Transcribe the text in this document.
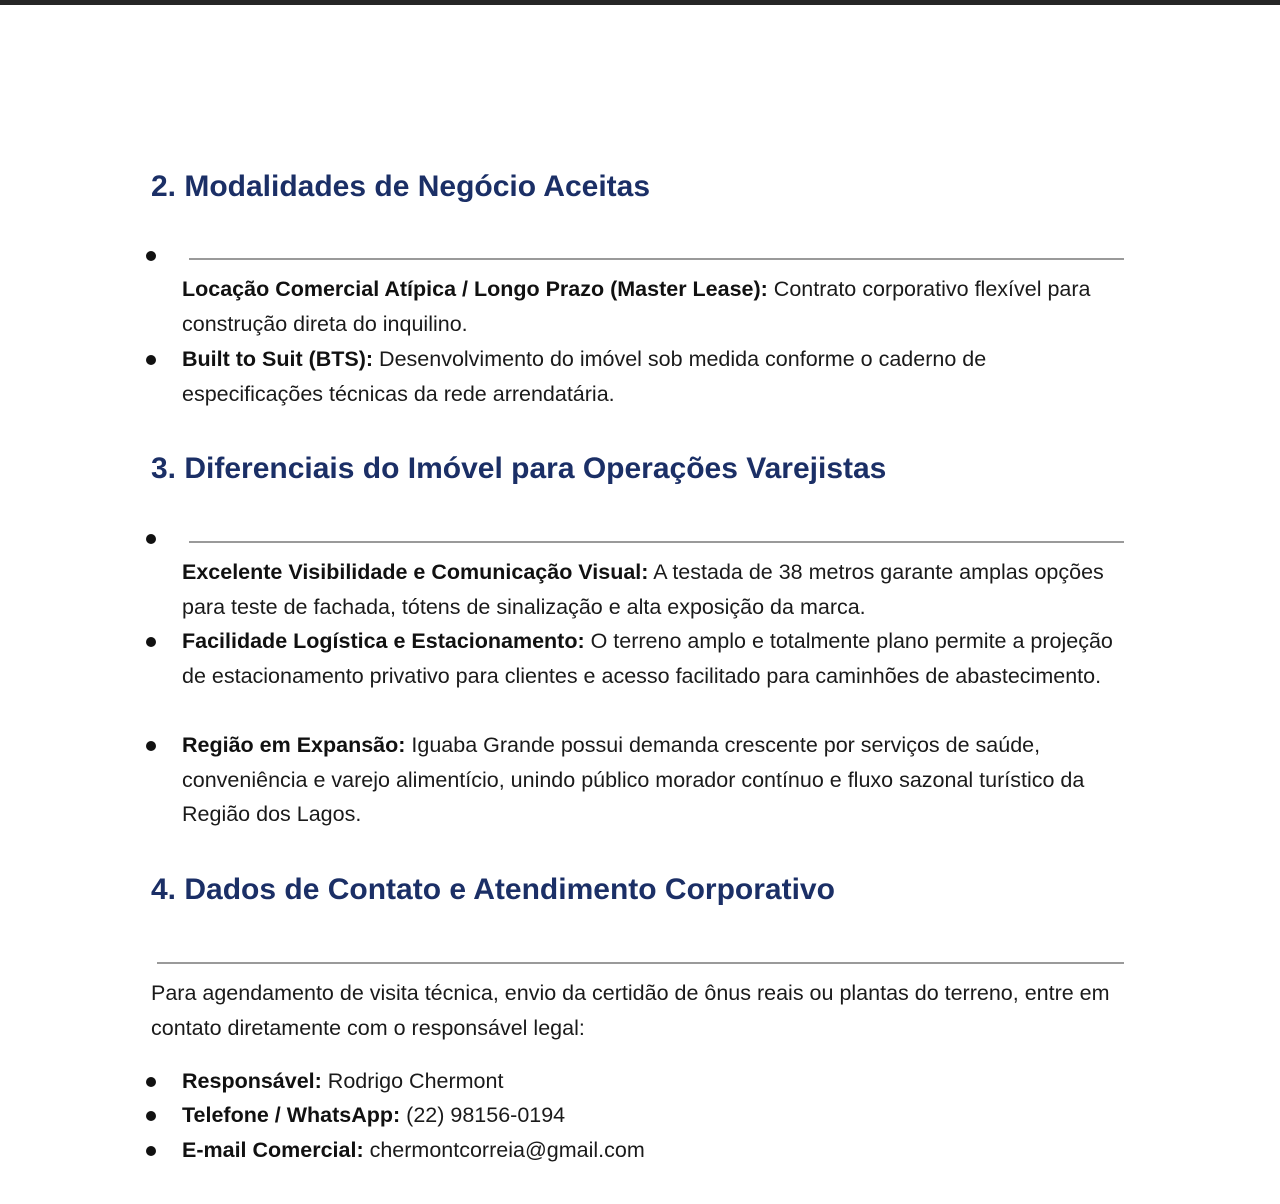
2. Modalidades de Negócio Aceitas

Locação Comercial Atípica / Longo Prazo (Master Lease): Contrato corporativo flexível para construção direta do inquilino.

Built to Suit (BTS): Desenvolvimento do imóvel sob medida conforme o caderno de especificações técnicas da rede arrendatária.

3. Diferenciais do Imóvel para Operações Varejistas

Excelente Visibilidade e Comunicação Visual: A testada de 38 metros garante amplas opções para teste de fachada, tótens de sinalização e alta exposição da marca.

Facilidade Logística e Estacionamento: O terreno amplo e totalmente plano permite a projeção de estacionamento privativo para clientes e acesso facilitado para caminhões de abastecimento.

Região em Expansão: Iguaba Grande possui demanda crescente por serviços de saúde, conveniência e varejo alimentício, unindo público morador contínuo e fluxo sazonal turístico da Região dos Lagos.

4. Dados de Contato e Atendimento Corporativo

Para agendamento de visita técnica, envio da certidão de ônus reais ou plantas do terreno, entre em contato diretamente com o responsável legal:

Responsável: Rodrigo Chermont

Telefone / WhatsApp: (22) 98156-0194

E-mail Comercial: chermontcorreia@gmail.com
